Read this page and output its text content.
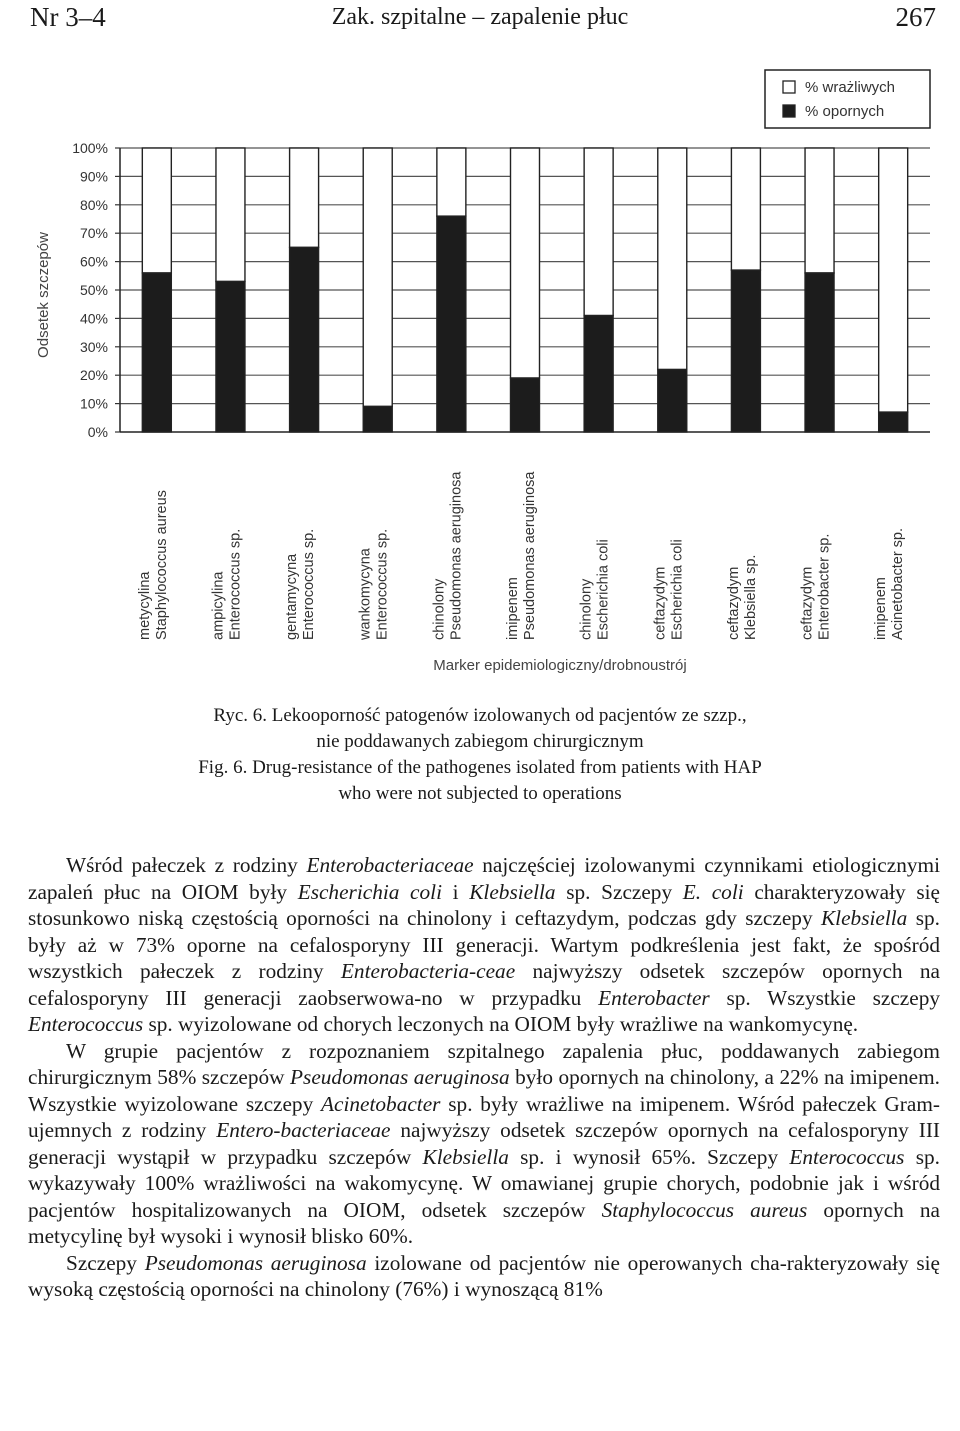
Nr 3–4	Zak. szpitalne – zapalenie płuc	267
0%
10%
20%
30%
40%
50%
60%
70%
80%
90%
100%
metycylina Staphylococcus aureus	ampicylina Enterococcus sp.	gentamycyna Enterococcus sp.	wankomycyna Enterococcus sp.	chinolony Pseudomonas aeruginosa	imipenem Pseudomonas aeruginosa	chinolony Escherichia coli	ceftazydym Escherichia coli	ceftazydym Klebsiella sp.	ceftazydym Enterobacter sp.	imipenem Acinetobacter sp.
Odsetek szczepów
Marker epidemiologiczny/drobnoustrój
% wrażliwych
% opornych
Ryc. 6. Lekooporność patogenów izolowanych od pacjentów ze szzp.,
nie poddawanych zabiegom chirurgicznym
Fig. 6. Drug-resistance of the pathogenes isolated from patients with HAP
who were not subjected to operations

Wśród pałeczek z rodziny Enterobacteriaceae najczęściej izolowanymi czynnikami etiologicznymi zapaleń płuc na OIOM były Escherichia coli i Klebsiella sp. Szczepy E. coli charakteryzowały się stosunkowo niską częstością oporności na chinolony i ceftazydym, podczas gdy szczepy Klebsiella sp. były aż w 73% oporne na cefalosporyny III generacji. Wartym podkreślenia jest fakt, że spośród wszystkich pałeczek z rodziny Enterobacteria-ceae najwyższy odsetek szczepów opornych na cefalosporyny III generacji zaobserwowa-no w przypadku Enterobacter sp. Wszystkie szczepy Enterococcus sp. wyizolowane od chorych leczonych na OIOM były wrażliwe na wankomycynę.

W grupie pacjentów z rozpoznaniem szpitalnego zapalenia płuc, poddawanych zabiegom chirurgicznym 58% szczepów Pseudomonas aeruginosa było opornych na chinolony, a 22% na imipenem. Wszystkie wyizolowane szczepy Acinetobacter sp. były wrażliwe na imipenem. Wśród pałeczek Gram-ujemnych z rodziny Entero-bacteriaceae najwyższy odsetek szczepów opornych na cefalosporyny III generacji wystąpił w przypadku szczepów Klebsiella sp. i wynosił 65%. Szczepy Enterococcus sp. wykazywały 100% wrażliwości na wakomycynę. W omawianej grupie chorych, podobnie jak i wśród pacjentów hospitalizowanych na OIOM, odsetek szczepów Staphylococcus aureus opornych na metycylinę był wysoki i wynosił blisko 60%.

Szczepy Pseudomonas aeruginosa izolowane od pacjentów nie operowanych cha-rakteryzowały się wysoką częstością oporności na chinolony (76%) i wynoszącą 81%
